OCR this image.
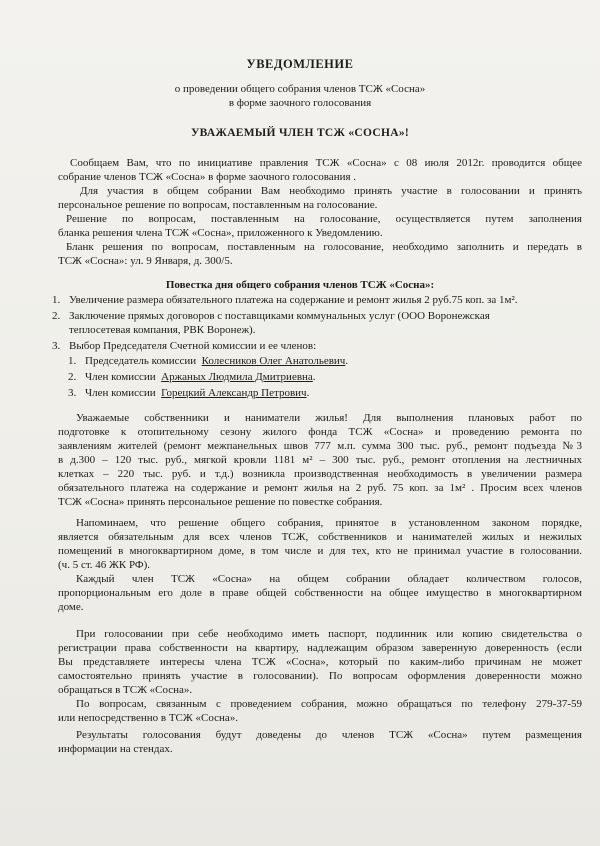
УВЕДОМЛЕНИЕ
о проведении общего собрания членов ТСЖ «Сосна»
в форме заочного голосования
УВАЖАЕМЫЙ ЧЛЕН ТСЖ «СОСНА»!
Сообщаем Вам, что по инициативе правления ТСЖ «Сосна» с 08 июля 2012г. проводится общее
собрание членов ТСЖ «Сосна» в форме заочного голосования .
Для участия в общем собрании Вам необходимо принять участие в голосовании и принять
персональное решение по вопросам, поставленным на голосование.
Решение по вопросам, поставленным на голосование, осуществляется путем заполнения
бланка решения члена ТСЖ «Сосна», приложенного к Уведомлению.
Бланк решения по вопросам, поставленным на голосование, необходимо заполнить и передать в
ТСЖ «Сосна»: ул. 9 Января, д. 300/5.
Повестка дня общего собрания членов ТСЖ «Сосна»:
1. Увеличение размера обязательного платежа на содержание и ремонт жилья 2 руб.75 коп. за 1м².
2. Заключение прямых договоров с поставщиками коммунальных услуг (ООО Воронежская
теплосетевая компания, РВК Воронеж).
3. Выбор Председателя Счетной комиссии и ее членов:
1. Председатель комиссии Колесников Олег Анатольевич.
2. Член комиссии Аржаных Людмила Дмитриевна.
3. Член комиссии Горецкий Александр Петрович.
Уважаемые собственники и наниматели жилья! Для выполнения плановых работ по
подготовке к отопительному сезону жилого фонда ТСЖ «Сосна» и проведению ремонта по
заявлениям жителей (ремонт межпанельных швов 777 м.п. сумма 300 тыс. руб., ремонт подъезда №3
в д.300 – 120 тыс. руб., мягкой кровли 1181 м² – 300 тыс. руб., ремонт отопления на лестничных
клетках – 220 тыс. руб. и т.д.) возникла производственная необходимость в увеличении размера
обязательного платежа на содержание и ремонт жилья на 2 руб. 75 коп. за 1м² . Просим всех членов
ТСЖ «Сосна» принять персональное решение по повестке собрания.
Напоминаем, что решение общего собрания, принятое в установленном законом порядке,
является обязательным для всех членов ТСЖ, собственников и нанимателей жилых и нежилых
помещений в многоквартирном доме, в том числе и для тех, кто не принимал участие в голосовании.
(ч. 5 ст. 46 ЖК РФ).
Каждый член ТСЖ «Сосна» на общем собрании обладает количеством голосов,
пропорциональным его доле в праве общей собственности на общее имущество в многоквартирном
доме.
При голосовании при себе необходимо иметь паспорт, подлинник или копию свидетельства о
регистрации права собственности на квартиру, надлежащим образом заверенную доверенность (если
Вы представляете интересы члена ТСЖ «Сосна», который по каким-либо причинам не может
самостоятельно принять участие в голосовании). По вопросам оформления доверенности можно
обращаться в ТСЖ «Сосна».
По вопросам, связанным с проведением собрания, можно обращаться по телефону 279-37-59
или непосредственно в ТСЖ «Сосна».
Результаты голосования будут доведены до членов ТСЖ «Сосна» путем размещения
информации на стендах.
